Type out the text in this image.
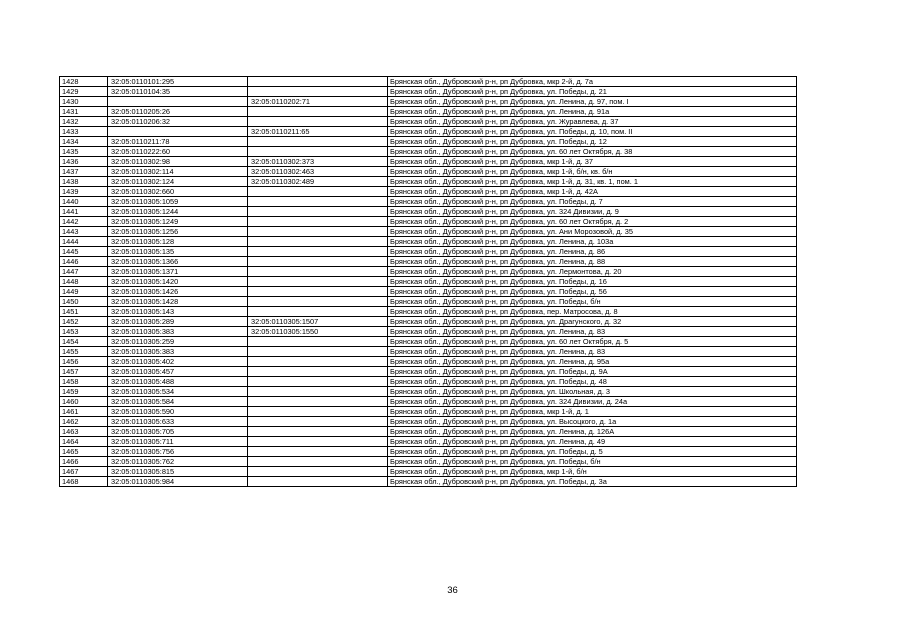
1428	32:05:0110101:295		Брянская обл., Дубровский р-н, рп Дубровка, мкр 2-й, д. 7а
1429	32:05:0110104:35		Брянская обл., Дубровский р-н, рп Дубровка, ул. Победы, д. 21
1430		32:05:0110202:71	Брянская обл., Дубровский р-н, рп Дубровка, ул. Ленина, д. 97, пом. I
1431	32:05:0110205:26		Брянская обл., Дубровский р-н, рп Дубровка, ул. Ленина, д. 91а
1432	32:05:0110206:32		Брянская обл., Дубровский р-н, рп Дубровка, ул. Журавлева, д. 37
1433		32:05:0110211:65	Брянская обл., Дубровский р-н, рп Дубровка, ул. Победы, д. 10, пом. II
1434	32:05:0110211:78		Брянская обл., Дубровский р-н, рп Дубровка, ул. Победы, д. 12
1435	32:05:0110222:60		Брянская обл., Дубровский р-н, рп Дубровка, ул. 60 лет Октября, д. 38
1436	32:05:0110302:98	32:05:0110302:373	Брянская обл., Дубровский р-н, рп Дубровка, мкр 1-й, д. 37
1437	32:05:0110302:114	32:05:0110302:463	Брянская обл., Дубровский р-н, рп Дубровка, мкр 1-й, б/н, кв. б/н
1438	32:05:0110302:124	32:05:0110302:489	Брянская обл., Дубровский р-н, рп Дубровка, мкр 1-й, д. 31, кв. 1, пом. 1
1439	32:05:0110302:660		Брянская обл., Дубровский р-н, рп Дубровка, мкр 1-й, д. 42А
1440	32:05:0110305:1059		Брянская обл., Дубровский р-н, рп Дубровка, ул. Победы, д. 7
1441	32:05:0110305:1244		Брянская обл., Дубровский р-н, рп Дубровка, ул. 324 Дивизии, д. 9
1442	32:05:0110305:1249		Брянская обл., Дубровский р-н, рп Дубровка, ул. 60 лет Октября, д. 2
1443	32:05:0110305:1256		Брянская обл., Дубровский р-н, рп Дубровка, ул. Ани Морозовой, д. 35
1444	32:05:0110305:128		Брянская обл., Дубровский р-н, рп Дубровка, ул. Ленина, д. 103а
1445	32:05:0110305:135		Брянская обл., Дубровский р-н, рп Дубровка, ул. Ленина, д. 86
1446	32:05:0110305:1366		Брянская обл., Дубровский р-н, рп Дубровка, ул. Ленина, д. 88
1447	32:05:0110305:1371		Брянская обл., Дубровский р-н, рп Дубровка, ул. Лермонтова, д. 20
1448	32:05:0110305:1420		Брянская обл., Дубровский р-н, рп Дубровка, ул. Победы, д. 16
1449	32:05:0110305:1426		Брянская обл., Дубровский р-н, рп Дубровка, ул. Победы, д. 56
1450	32:05:0110305:1428		Брянская обл., Дубровский р-н, рп Дубровка, ул. Победы, б/н
1451	32:05:0110305:143		Брянская обл., Дубровский р-н, рп Дубровка, пер. Матросова, д. 8
1452	32:05:0110305:289	32:05:0110305:1507	Брянская обл., Дубровский р-н, рп Дубровка, ул. Драгунского, д. 32
1453	32:05:0110305:383	32:05:0110305:1550	Брянская обл., Дубровский р-н, рп Дубровка, ул. Ленина, д. 83
1454	32:05:0110305:259		Брянская обл., Дубровский р-н, рп Дубровка, ул. 60 лет Октября, д. 5
1455	32:05:0110305:383		Брянская обл., Дубровский р-н, рп Дубровка, ул. Ленина, д. 83
1456	32:05:0110305:402		Брянская обл., Дубровский р-н, рп Дубровка, ул. Ленина, д. 95а
1457	32:05:0110305:457		Брянская обл., Дубровский р-н, рп Дубровка, ул. Победы, д. 9А
1458	32:05:0110305:488		Брянская обл., Дубровский р-н, рп Дубровка, ул. Победы, д. 48
1459	32:05:0110305:534		Брянская обл., Дубровский р-н, рп Дубровка, ул. Школьная, д. 3
1460	32:05:0110305:584		Брянская обл., Дубровский р-н, рп Дубровка, ул. 324 Дивизии, д. 24а
1461	32:05:0110305:590		Брянская обл., Дубровский р-н, рп Дубровка, мкр 1-й, д. 1
1462	32:05:0110305:633		Брянская обл., Дубровский р-н, рп Дубровка, ул. Высоцкого, д. 1а
1463	32:05:0110305:705		Брянская обл., Дубровский р-н, рп Дубровка, ул. Ленина, д. 126А
1464	32:05:0110305:711		Брянская обл., Дубровский р-н, рп Дубровка, ул. Ленина, д. 49
1465	32:05:0110305:756		Брянская обл., Дубровский р-н, рп Дубровка, ул. Победы, д. 5
1466	32:05:0110305:762		Брянская обл., Дубровский р-н, рп Дубровка, ул. Победы, б/н
1467	32:05:0110305:815		Брянская обл., Дубровский р-н, рп Дубровка, мкр 1-й, б/н
1468	32:05:0110305:984		Брянская обл., Дубровский р-н, рп Дубровка, ул. Победы, д. 3а
36
